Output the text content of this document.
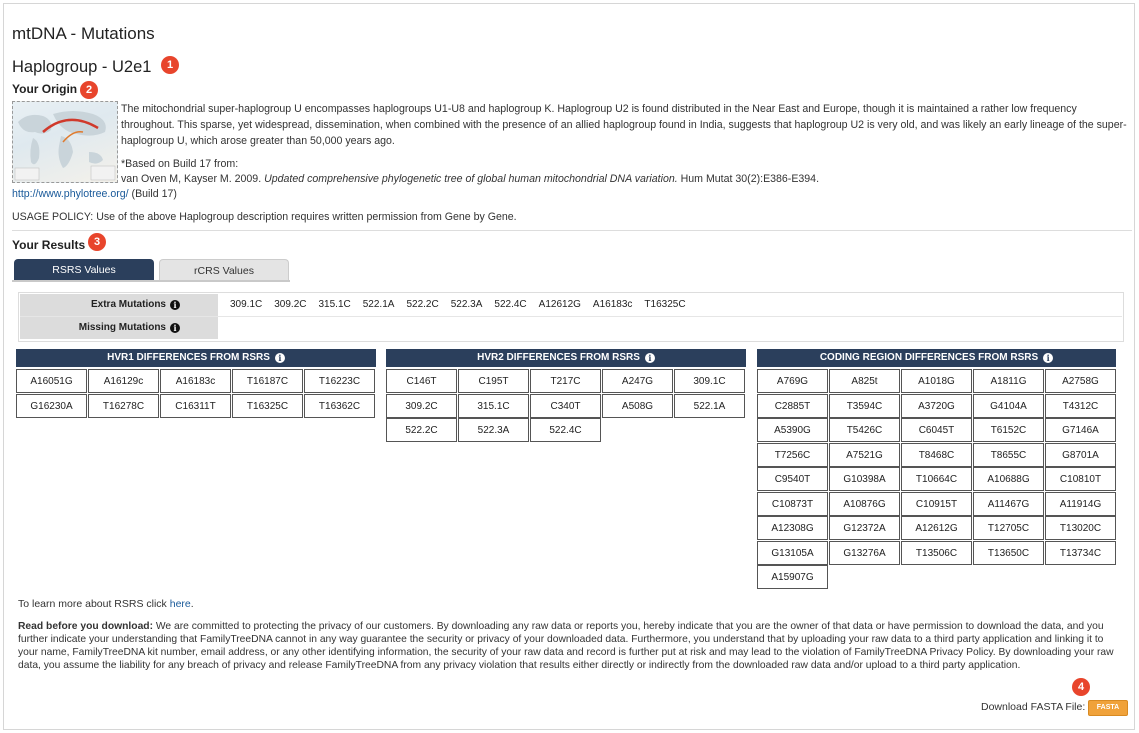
mtDNA - Mutations
Haplogroup - U2e1	1
Your Origin 2
The mitochondrial super-haplogroup U encompasses haplogroups U1-U8 and haplogroup K. Haplogroup U2 is found distributed in the Near East and Europe, though it is maintained a rather low frequency throughout. This sparse, yet widespread, dissemination, when combined with the presence of an allied haplogroup found in India, suggests that haplogroup U2 is very old, and was likely an early lineage of the super-haplogroup U, which arose greater than 50,000 years ago.
*Based on Build 17 from:
van Oven M, Kayser M. 2009. Updated comprehensive phylogenetic tree of global human mitochondrial DNA variation. Hum Mutat 30(2):E386-E394.
http://www.phylotree.org/ (Build 17)
USAGE POLICY: Use of the above Haplogroup description requires written permission from Gene by Gene.
Your Results 3
RSRS Values	rCRS Values
Extra Mutations i	309.1C 309.2C 315.1C 522.1A 522.2C 522.3A 522.4C A12612G A16183c T16325C
Missing Mutations i
HVR1 DIFFERENCES FROM RSRS i
A16051G	A16129c	A16183c	T16187C	T16223C
G16230A	T16278C	C16311T	T16325C	T16362C
HVR2 DIFFERENCES FROM RSRS i
C146T	C195T	T217C	A247G	309.1C
309.2C	315.1C	C340T	A508G	522.1A
522.2C	522.3A	522.4C
CODING REGION DIFFERENCES FROM RSRS i
A769G	A825t	A1018G	A1811G	A2758G
C2885T	T3594C	A3720G	G4104A	T4312C
A5390G	T5426C	C6045T	T6152C	G7146A
T7256C	A7521G	T8468C	T8655C	G8701A
C9540T	G10398A	T10664C	A10688G	C10810T
C10873T	A10876G	C10915T	A11467G	A11914G
A12308G	G12372A	A12612G	T12705C	T13020C
G13105A	G13276A	T13506C	T13650C	T13734C
A15907G
To learn more about RSRS click here.
Read before you download: We are committed to protecting the privacy of our customers. By downloading any raw data or reports you, hereby indicate that you are the owner of that data or have permission to download the data, and you further indicate your understanding that FamilyTreeDNA cannot in any way guarantee the security or privacy of your downloaded data. Furthermore, you understand that by uploading your raw data to a third party application and linking it to your name, FamilyTreeDNA kit number, email address, or any other identifying information, the security of your raw data and record is further put at risk and may lead to the violation of FamilyTreeDNA Privacy Policy. By downloading your raw data, you assume the liability for any breach of privacy and release FamilyTreeDNA from any privacy violation that results either directly or indirectly from the downloaded raw data and/or upload to a third party application.
4
Download FASTA File:	FASTA
